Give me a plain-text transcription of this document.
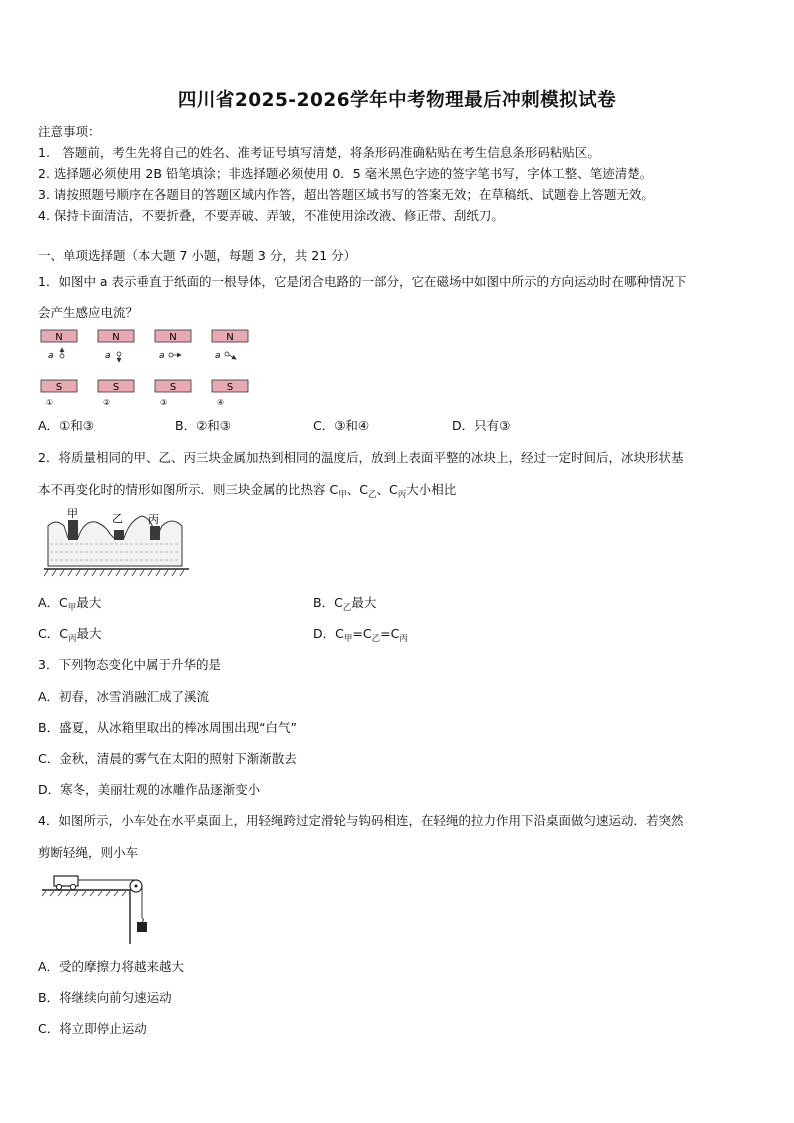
四川省2025-2026学年中考物理最后冲刺模拟试卷
注意事项：
1.　答题前，考生先将自己的姓名、准考证号填写清楚，将条形码准确粘贴在考生信息条形码粘贴区。
2. 选择题必须使用 2B 铅笔填涂；非选择题必须使用 0．5 毫米黑色字迹的签字笔书写，字体工整、笔迹清楚。
3. 请按照题号顺序在各题目的答题区域内作答，超出答题区域书写的答案无效；在草稿纸、试题卷上答题无效。
4. 保持卡面清洁，不要折叠，不要弄破、弄皱，不准使用涂改液、修正带、刮纸刀。
一、单项选择题（本大题 7 小题，每题 3 分，共 21 分）
1．如图中 a 表示垂直于纸面的一根导体，它是闭合电路的一部分，它在磁场中如图中所示的方向运动时在哪种情况下
会产生感应电流？
N
S
a
①
N
S
a
②
N
S
a
③
N
S
a
④
A．①和③	B．②和③	C．③和④	D．只有③
2．将质量相同的甲、乙、丙三块金属加热到相同的温度后，放到上表面平整的冰块上，经过一定时间后，冰块形状基
本不再变化时的情形如图所示．则三块金属的比热容 $C_甲$、$C_乙$、$C_丙$大小相比
甲	乙 丙
A．$C_甲$最大	B．$C_乙$最大
C．$C_丙$最大	D．$C_甲=C_乙=C_丙$
3．下列物态变化中属于升华的是
A．初春，冰雪消融汇成了溪流
B．盛夏，从冰箱里取出的棒冰周围出现“白气”
C．金秋，清晨的雾气在太阳的照射下渐渐散去
D．寒冬，美丽壮观的冰雕作品逐渐变小
4．如图所示，小车处在水平桌面上，用轻绳跨过定滑轮与钩码相连，在轻绳的拉力作用下沿桌面做匀速运动．若突然
剪断轻绳，则小车
A．受的摩擦力将越来越大
B．将继续向前匀速运动
C．将立即停止运动
